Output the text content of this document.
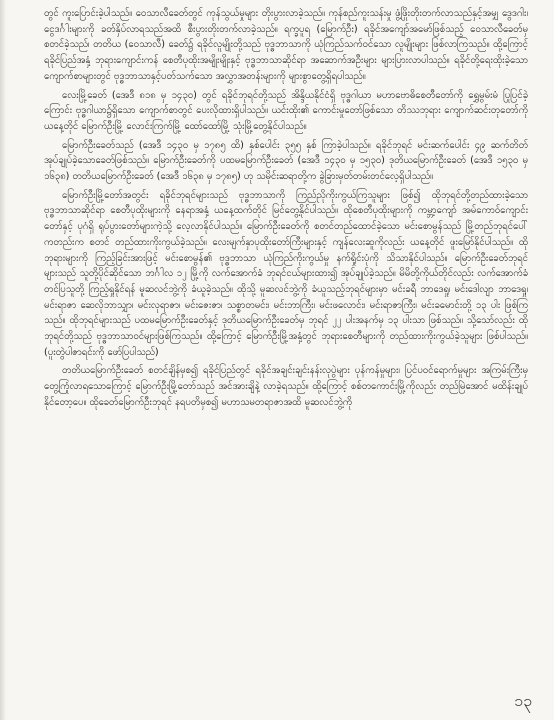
တွင် ကူးပြောင်းခဲ့ပါသည်။ ဝေသာလီခေတ်တွင် ကုန်သွယ်မှုများ တိုးပွားလာခဲ့သည်။ ကုန်စည်ကူးသန်းမှု ဖွံ့ဖြိုးတိုးတက်လာသည်နှင့်အမျှ ဒွေဒဂါး၊ ငွေဒင်္ဂါးများကို ခတ်နှိပ်လာရသည်အထိ စီးပွားတိုးတက်လာခဲ့သည်။ ရက္ခပူရ (မြောက်ဦး) ရခိုင်အကျော်အမော်ဖြစ်သည့် ဝေသာလီခေတ်မှ စတင်ခဲ့သည်၊ တတိယ (ဝေသာလီ) ခေတ်၌ ရခိုင်လူမျိုးတို့သည် ဗုဒ္ဓဘာသာကို ယုံကြည်သက်ဝင်သော လူမျိုးများ ဖြစ်လာကြသည်။ ထို့ကြောင့် ရခိုင်ပြည်အနှံ့ ဘုရားကျောင်းကန် စေတီပုထိုးအမျိုးမျိုးနှင့် ဗုဒ္ဓဘာသာဆိုင်ရာ အဆောက်အဦးများ များပြားလာပါသည်။ ရခိုင်တို့ရေးထိုးခဲ့သော ကျောက်စာများတွင် ဗုဒ္ဓဘာသာနှင့်ပတ်သက်သော အလွှာအတန်းများကို များစွာတွေ့ရှိရပါသည်။

လေးမြို့ခေတ် (အေဒီ ၈၁၈ မှ ၁၄၃၀) တွင် ရခိုင်ဘုရင်တို့သည် အိန္ဒိယနိုင်ငံရှိ ဗုဒ္ဓဂါယာ မဟာဗောဓိစေတီတော်ကို ရွှေမွမ်းမံ ပြုပြင်ခဲ့ကြောင်း ဗုဒ္ဓဂါယာ၌ရှိသော ကျောက်စာတွင် ပေးလိုထားရှိပါသည်။ ယင်းထိုး၏ ကောင်းမှုတော်ဖြစ်သော တိဿဘုရား ကျောက်ဆင်းတုတော်ကို ယနေ့တိုင် မြောက်ဦးမြို့ လောင်းကြက်မြို့ ထော်ထော်မြို့ သုံးမြို့တွေ့နိုင်ပါသည်။

မြောက်ဦးခေတ်သည် (အေဒီ ၁၄၃၀ မှ ၁၇၈၅ ထိ) နှစ်ပေါင်း ၃၅၅ နှစ် ကြာခဲ့ပါသည်။ ရခိုင်ဘုရင် မင်းဆက်ပေါင်း ၄၉ ဆက်တိတ် အုပ်ချုပ်ခဲ့သောခေတ်ဖြစ်သည်။ မြောက်ဦးခေတ်ကို ပထမမြောက်ဦးခေတ် (အေဒီ ၁၄၃၀ မှ ၁၅၃၀) ဒုတိယမြောက်ဦးခေတ် (အေဒီ ၁၅၃၀ မှ ၁၆၃၈) တတိယမြောက်ဦးခေတ် (အေဒီ ၁၆၃၈ မှ ၁၇၈၅) ဟု သမိုင်းဆရာတို့က ခွဲခြားမှတ်တမ်းတင်လေ့ရှိပါသည်။

မြောက်ဦးမြို့တော်အတွင်း ရခိုင်ဘုရင်များသည် ဗုဒ္ဓဘာသာကို ကြည်ညိုကိုးကွယ်ကြသူများ ဖြစ်၍ ထိုဘုရင်တို့တည်ထားခဲ့သော ဗုဒ္ဓဘာသာဆိုင်ရာ စေတီပုထိုးများကို နေရာအနှံ့ ယနေ့ထက်တိုင် မြင်တွေ့နိုင်ပါသည်။ ထိုစေတီပုထိုးများကို ကမ္ဘာ့ကျော် အမ်ကောဝ်ကျောင်းတော်နှင့် ပုဂံရှိ ရုပ်ပွားတော်များကဲ့သို့ လေ့လာနိုင်ပါသည်။ မြောက်ဦးခေတ်ကို စတင်တည်ထောင်ခဲ့သော မင်းစောမွန်သည် မြို့တည်ဘုရင်ပေါ်ကတည်းက စတင် တည်ထားကိုးကွယ်ခဲ့သည်။ လေးမျက်နှာပုထိုးတော်ကြီးများနှင့် ကျန်လေးဆူကိုလည်း ယနေ့တိုင် ဖူးမြော်နိုင်ပါသည်။ ထိုဘုရားများကို ကြည့်ခြင်းအားဖြင့် မင်းစောမွန်၏ ဗုဒ္ဓဘာသာ ယုံကြည်ကိုးကွယ်မှု နက်ရှိုင်းပုံကို သိသာနိုင်ပါသည်။ မြောက်ဦးခေတ်ဘုရင်များသည် သူတို့ပိုင်ဆိုင်သော ဘင်္ဂါလ ၁၂ မြို့ကို လက်အောက်ခံ ဘုရင်ငယ်များထား၍ အုပ်ချုပ်ခဲ့သည်။ မိမိတို့ကိုယ်တိုင်လည်း လက်အောက်ခံတင်ပြသူတို့ ကြည့်ရှုနိုင်ရန် မူဆလင်ဘွဲ့ကို ခံယူခဲ့သည်။ ထိုသို့ မူဆလင်ဘွဲ့ကို ခံယူသည့်ဘုရင်များမှာ မင်းခရီ ဘာဒေရှု၊ မင်းဒေါလျာ ဘာဒေရှု၊ မင်းရာဇာ ဆေလိုဘာသျှာ၊ မင်းလုရာဇာ၊ မင်းဇေးဇာ၊ သစ္စာတမင်း၊ မင်းဘာကြီး၊ မင်းဖလောင်း၊ မင်းရာဇာကြီး၊ မင်းခမောင်းတို့ ၁၃ ပါး ဖြစ်ကြသည်။ ထိုဘုရင်များသည် ပထမမြောက်ဦးခေတ်နှင့် ဒုတိယမြောက်ဦးခေတ်မှ ဘုရင် ၂၂ ပါးအနက်မှ ၁၃ ပါးသာ ဖြစ်သည်။ သို့သော်လည်း ထိုဘုရင်တို့သည် ဗုဒ္ဓဘာသာဝင်များဖြစ်ကြသည်။ ထို့ကြောင့် မြောက်ဦးမြို့အနှံ့တွင် ဘုရားစေတီများကို တည်ထားကိုးကွယ်ခဲ့သူများ ဖြစ်ပါသည်။ (ပူးတွဲပါဇာရင်းကို ဖော်ပြပါသည်)

တတိယမြောက်ဦးခေတ် စတင်ချိန်မှစ၍ ရခိုင်ပြည်တွင် ရခိုင်အချင်းချင်းနန်းလုပွဲများ ပုန်ကန်မှုများ၊ ပြင်ပဝင်ရောက်မှုများ အကြမ်းကြီးမှ တွေ့ကြုံလာရသောကြောင့် မြောက်ဦးမြို့တော်သည် အင်အားချိနဲ့ လာခဲ့ရသည်။ ထို့ကြောင့် စစ်တကောင်းမြို့ကိုလည်း တည်မြဲအောင် မထိန်းချုပ်နိုင်တော့ပေ။ ထိုခေတ်မြောက်ဦးဘုရင် နရပတိမှစ၍ မဟာသမတရာဇာအထိ မူဆလင်ဘွဲ့ကို

၁၃
